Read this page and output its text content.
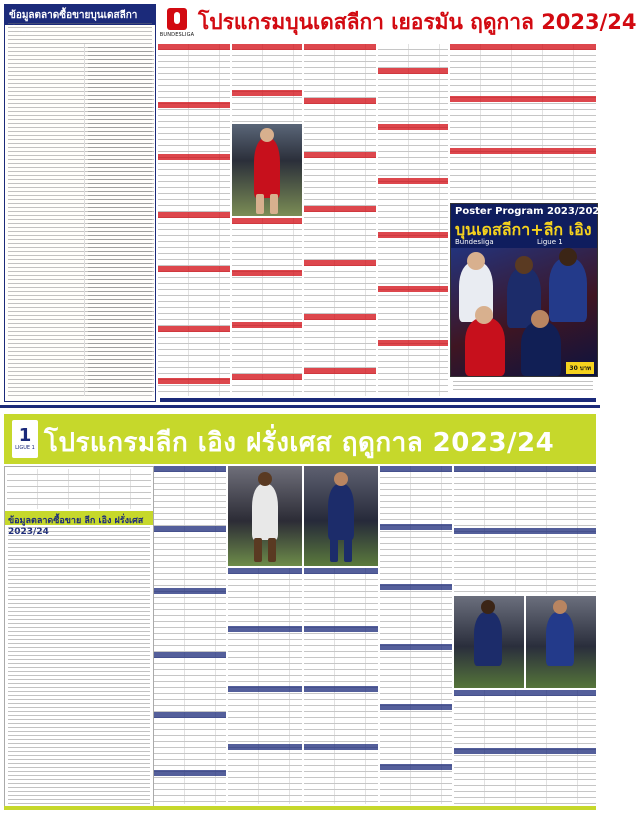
ข้อมูลตลาดซื้อขายบุนเดสลีกา ล่าสุด	BUNDESLIGA
โปรแกรมบุนเดสลีกา เยอรมัน ฤดูกาล 2023/24
Poster Program 2023/2024
บุนเดสลีกา+ลีก เอิง
Bundesliga	Ligue 1
30 บาท
1
LIGUE 1 โปรแกรมลีก เอิง ฝรั่งเศส ฤดูกาล 2023/24
ข้อมูลตลาดซื้อขาย ลีก เอิง ฝรั่งเศส 2023/24
